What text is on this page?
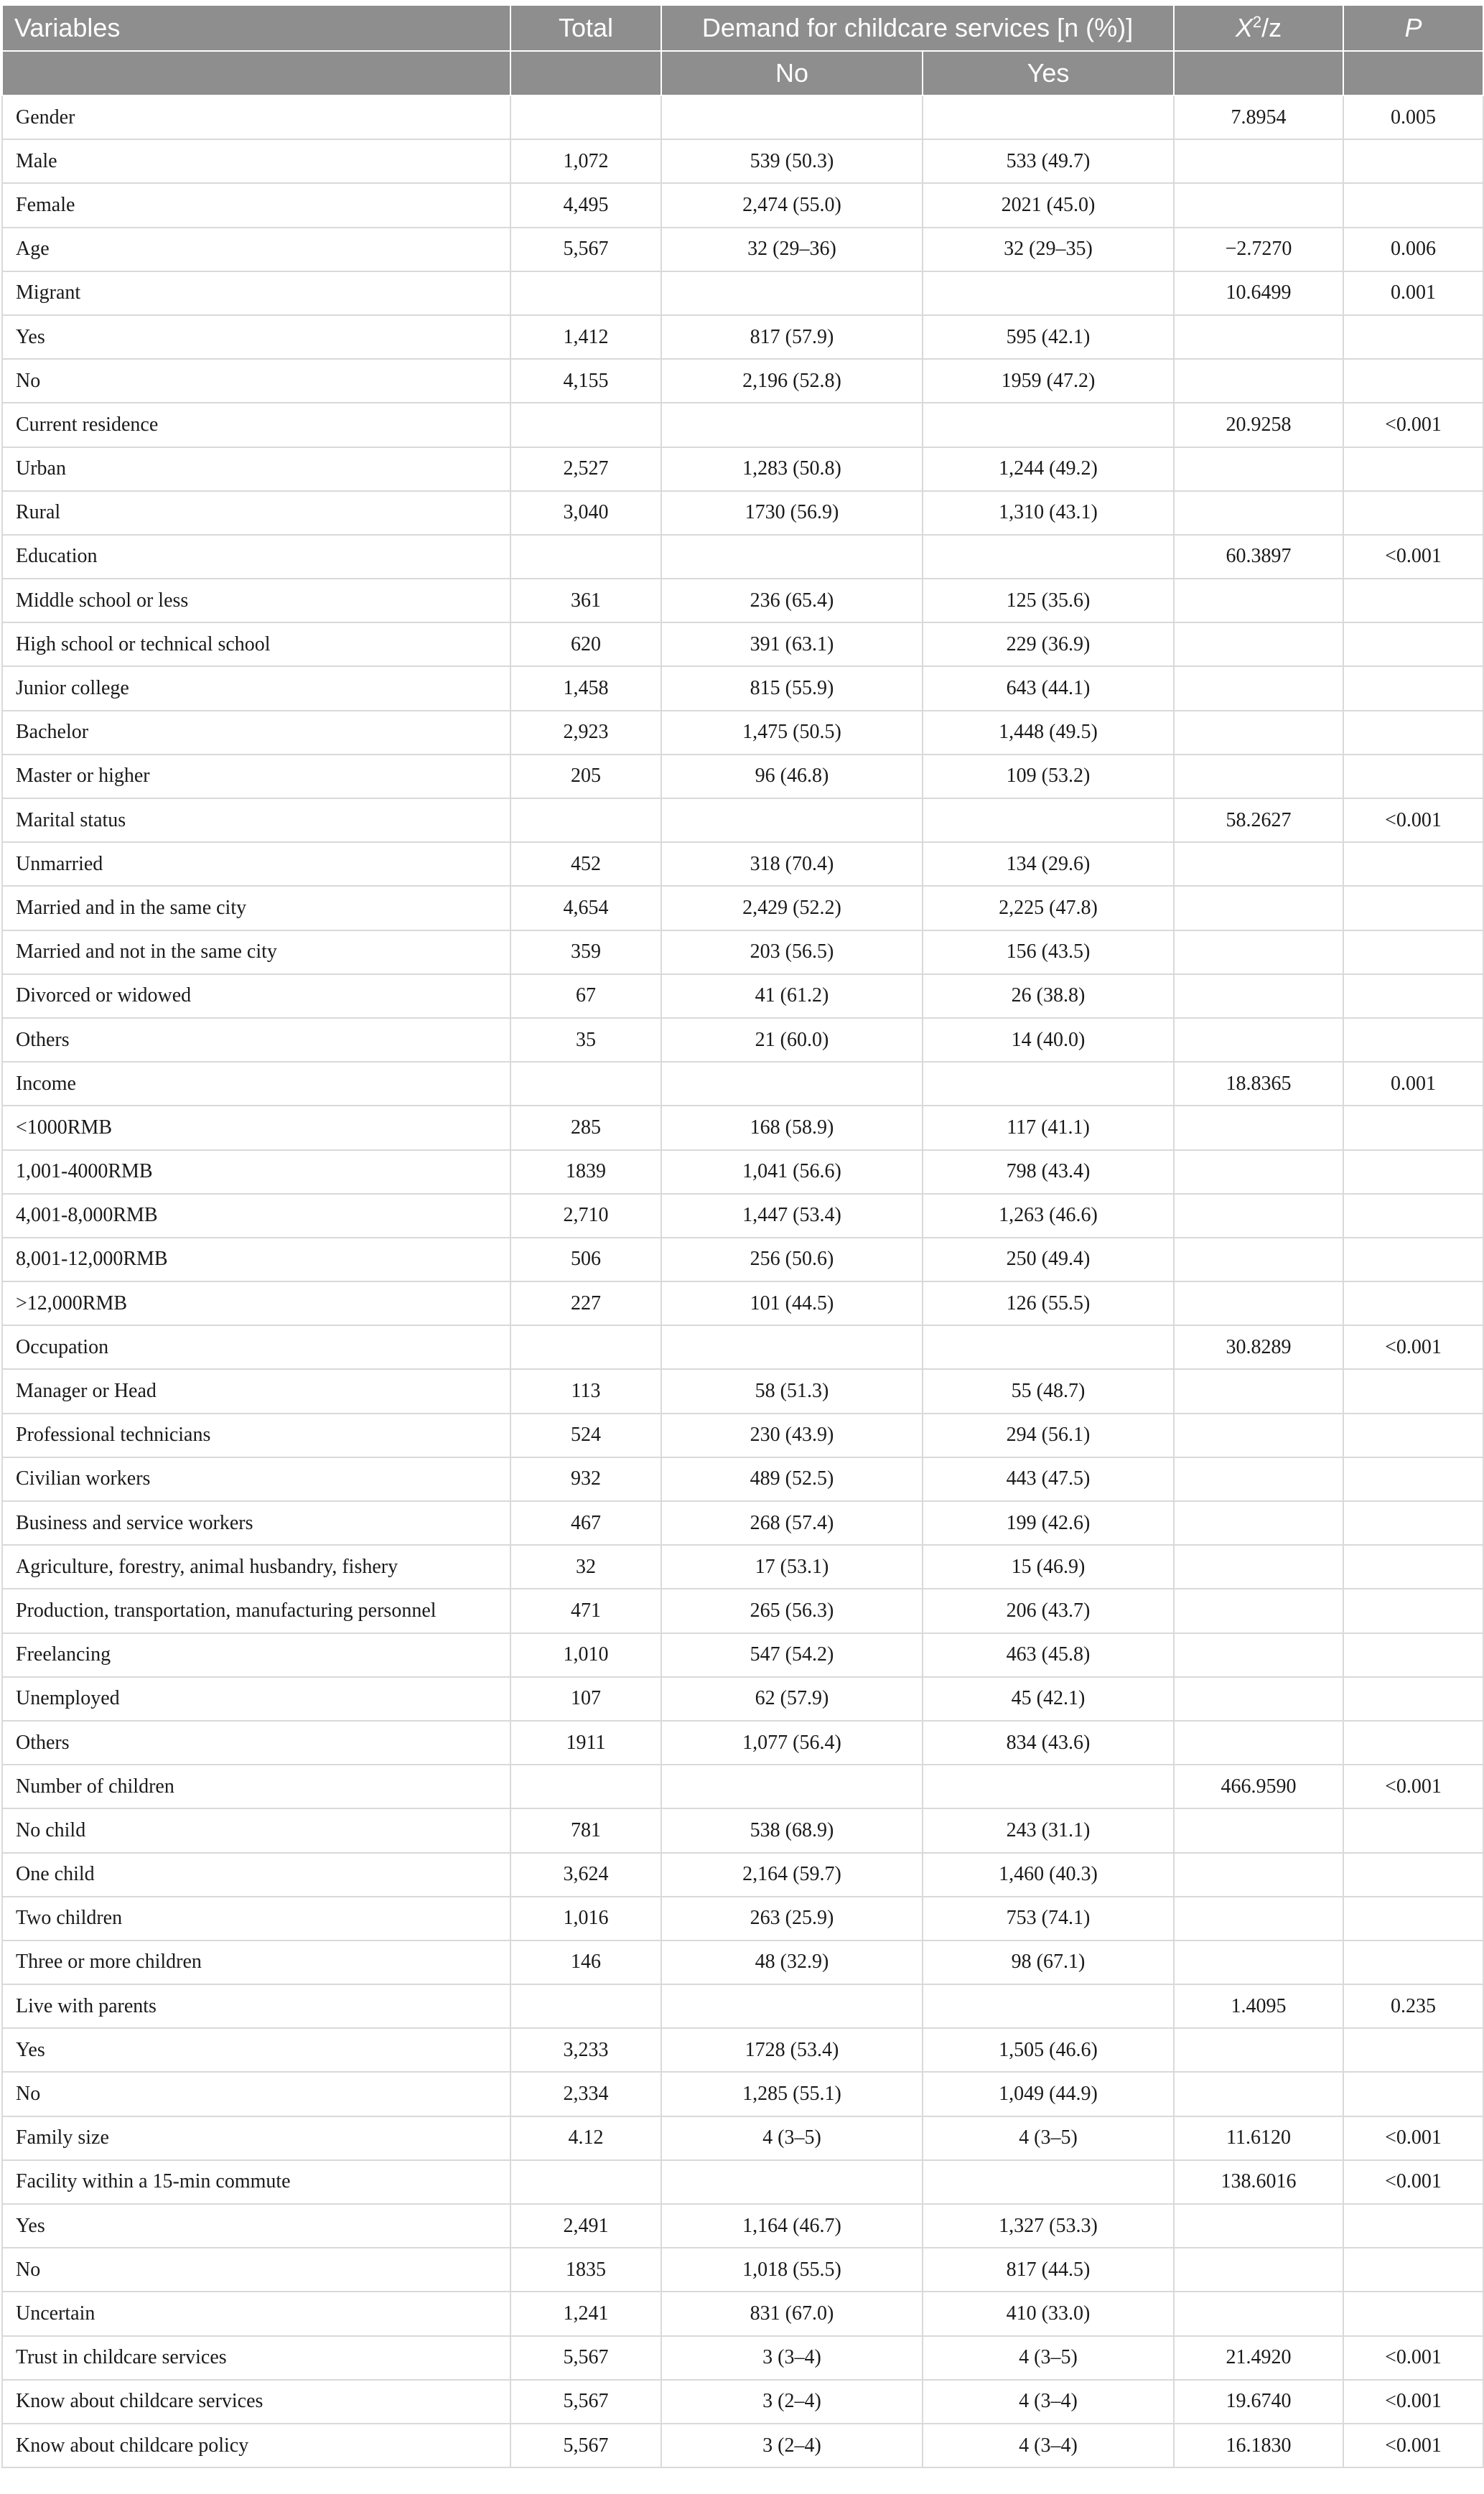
Variables	Total	Demand for childcare services [n (%)]		$X^2/z$	P
		No	Yes		
Gender				7.8954	0.005
Male	1,072	539 (50.3)	533 (49.7)		
Female	4,495	2,474 (55.0)	2021 (45.0)		
Age	5,567	32 (29–36)	32 (29–35)	−2.7270	0.006
Migrant				10.6499	0.001
Yes	1,412	817 (57.9)	595 (42.1)		
No	4,155	2,196 (52.8)	1959 (47.2)		
Current residence				20.9258	<0.001
Urban	2,527	1,283 (50.8)	1,244 (49.2)		
Rural	3,040	1730 (56.9)	1,310 (43.1)		
Education				60.3897	<0.001
Middle school or less	361	236 (65.4)	125 (35.6)		
High school or technical school	620	391 (63.1)	229 (36.9)		
Junior college	1,458	815 (55.9)	643 (44.1)		
Bachelor	2,923	1,475 (50.5)	1,448 (49.5)		
Master or higher	205	96 (46.8)	109 (53.2)		
Marital status				58.2627	<0.001
Unmarried	452	318 (70.4)	134 (29.6)		
Married and in the same city	4,654	2,429 (52.2)	2,225 (47.8)		
Married and not in the same city	359	203 (56.5)	156 (43.5)		
Divorced or widowed	67	41 (61.2)	26 (38.8)		
Others	35	21 (60.0)	14 (40.0)		
Income				18.8365	0.001
<1000RMB	285	168 (58.9)	117 (41.1)		
1,001-4000RMB	1839	1,041 (56.6)	798 (43.4)		
4,001-8,000RMB	2,710	1,447 (53.4)	1,263 (46.6)		
8,001-12,000RMB	506	256 (50.6)	250 (49.4)		
>12,000RMB	227	101 (44.5)	126 (55.5)		
Occupation				30.8289	<0.001
Manager or Head	113	58 (51.3)	55 (48.7)		
Professional technicians	524	230 (43.9)	294 (56.1)		
Civilian workers	932	489 (52.5)	443 (47.5)		
Business and service workers	467	268 (57.4)	199 (42.6)		
Agriculture, forestry, animal husbandry, fishery	32	17 (53.1)	15 (46.9)		
Production, transportation, manufacturing personnel	471	265 (56.3)	206 (43.7)		
Freelancing	1,010	547 (54.2)	463 (45.8)		
Unemployed	107	62 (57.9)	45 (42.1)		
Others	1911	1,077 (56.4)	834 (43.6)		
Number of children				466.9590	<0.001
No child	781	538 (68.9)	243 (31.1)		
One child	3,624	2,164 (59.7)	1,460 (40.3)		
Two children	1,016	263 (25.9)	753 (74.1)		
Three or more children	146	48 (32.9)	98 (67.1)		
Live with parents				1.4095	0.235
Yes	3,233	1728 (53.4)	1,505 (46.6)		
No	2,334	1,285 (55.1)	1,049 (44.9)		
Family size	4.12	4 (3–5)	4 (3–5)	11.6120	<0.001
Facility within a 15-min commute				138.6016	<0.001
Yes	2,491	1,164 (46.7)	1,327 (53.3)		
No	1835	1,018 (55.5)	817 (44.5)		
Uncertain	1,241	831 (67.0)	410 (33.0)		
Trust in childcare services	5,567	3 (3–4)	4 (3–5)	21.4920	<0.001
Know about childcare services	5,567	3 (2–4)	4 (3–4)	19.6740	<0.001
Know about childcare policy	5,567	3 (2–4)	4 (3–4)	16.1830	<0.001
